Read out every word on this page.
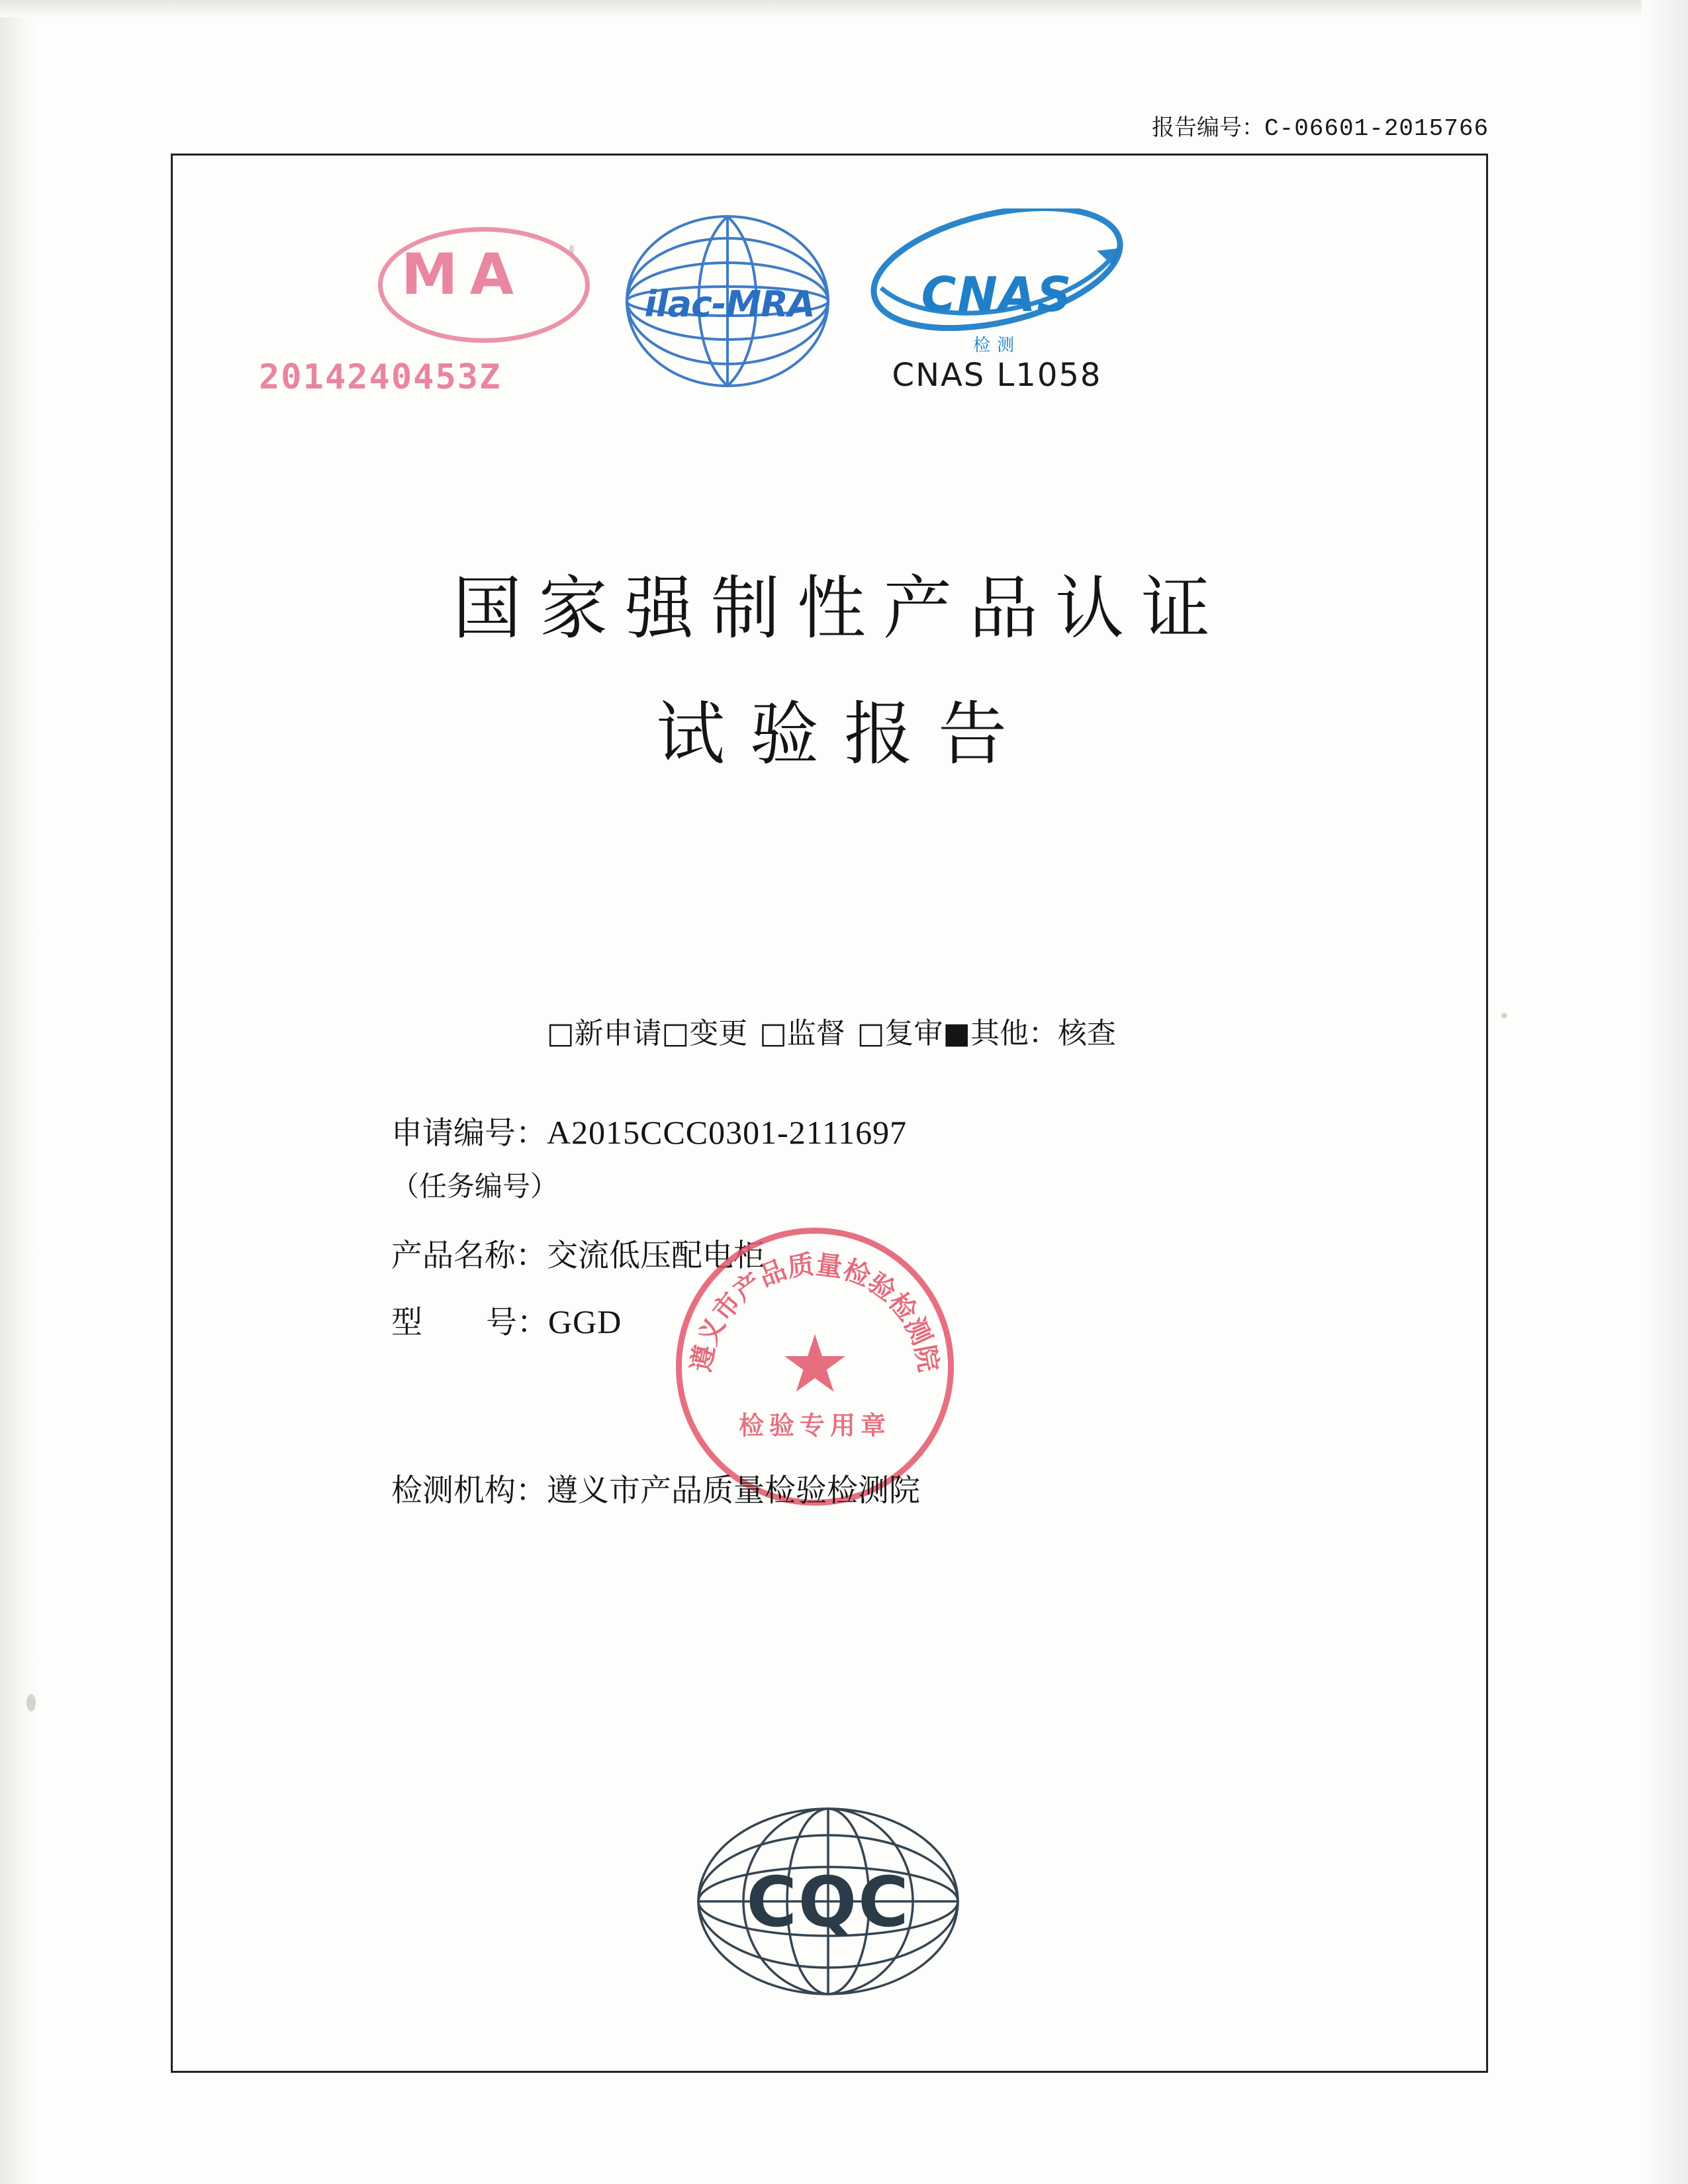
报告编号：C-06601-2015766
MA
2014240453Z
ilac-MRA	CNAS
检测
CNAS L1058
国家强制性产品认证
试验报告
□ 新申请 □ 变更 □ 监督 □ 复审 ■ 其他：核查
申请编号：A2015CCC0301-2111697
（任务编号）
产品名称：交流低压配电柜
型 号：GGD
遵义市产品质量检验检测院
★
检验专用章
检测机构：遵义市产品质量检验检测院
CQC
